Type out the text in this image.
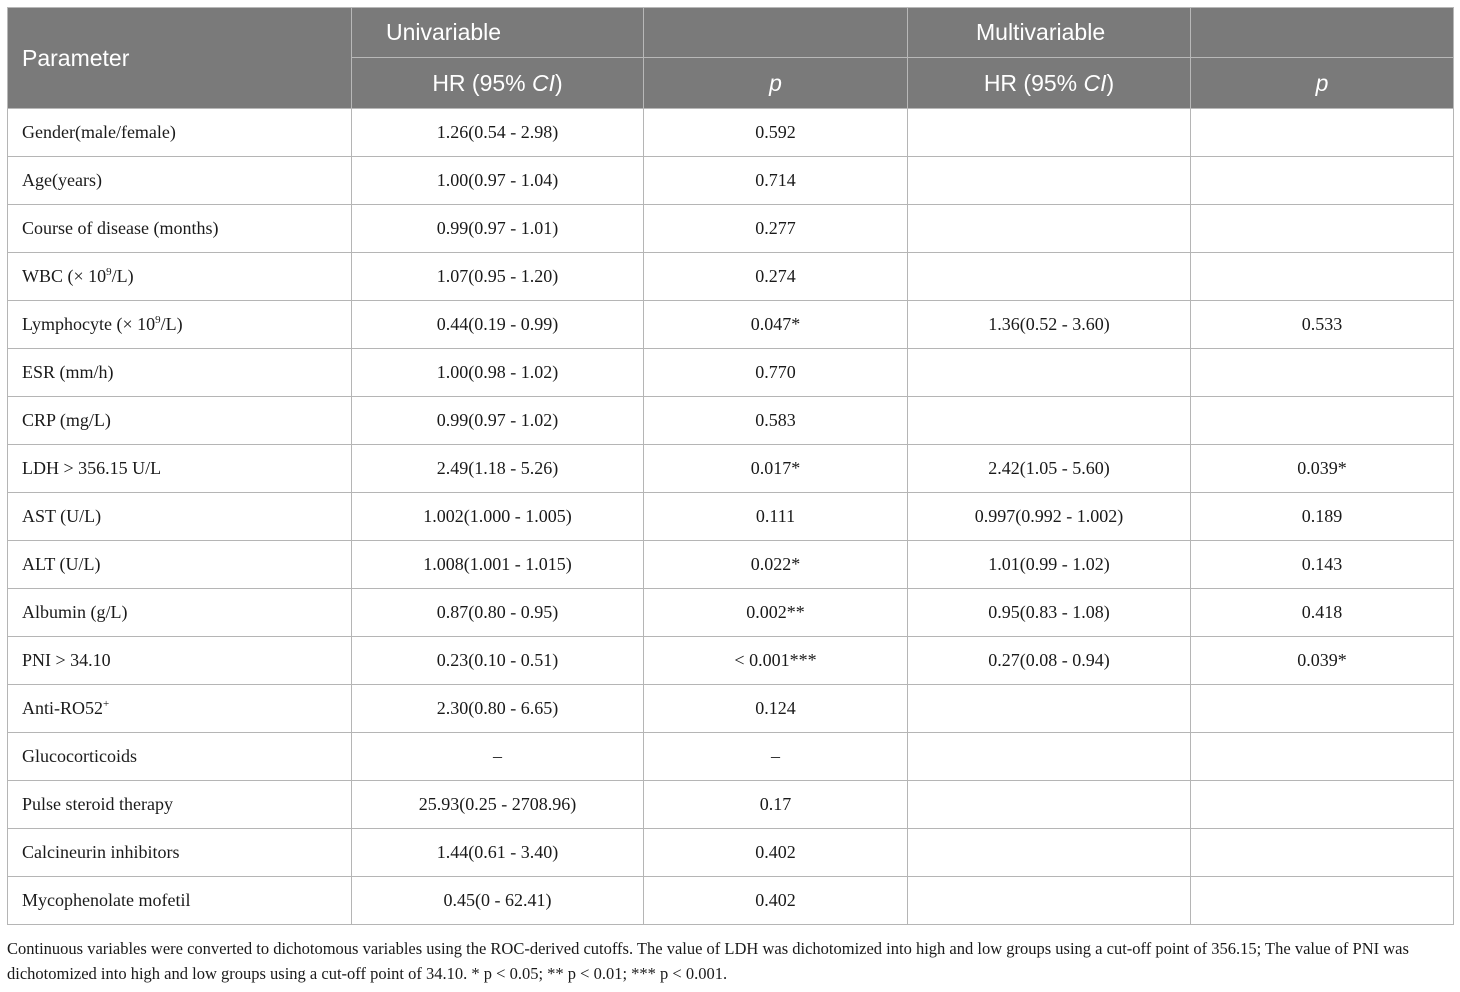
Parameter	Univariable		Multivariable	
	HR (95% CI)	p	HR (95% CI)	p
Gender(male/female)	1.26(0.54 - 2.98)	0.592		
Age(years)	1.00(0.97 - 1.04)	0.714		
Course of disease (months)	0.99(0.97 - 1.01)	0.277		
WBC (× $10^9/L$)	1.07(0.95 - 1.20)	0.274		
Lymphocyte (× $10^9/L$)	0.44(0.19 - 0.99)	0.047*	1.36(0.52 - 3.60)	0.533
ESR (mm/h)	1.00(0.98 - 1.02)	0.770		
CRP (mg/L)	0.99(0.97 - 1.02)	0.583		
LDH > 356.15 U/L	2.49(1.18 - 5.26)	0.017*	2.42(1.05 - 5.60)	0.039*
AST (U/L)	1.002(1.000 - 1.005)	0.111	0.997(0.992 - 1.002)	0.189
ALT (U/L)	1.008(1.001 - 1.015)	0.022*	1.01(0.99 - 1.02)	0.143
Albumin (g/L)	0.87(0.80 - 0.95)	0.002**	0.95(0.83 - 1.08)	0.418
PNI > 34.10	0.23(0.10 - 0.51)	< 0.001***	0.27(0.08 - 0.94)	0.039*
Anti-RO52+	2.30(0.80 - 6.65)	0.124		
Glucocorticoids	–	–		
Pulse steroid therapy	25.93(0.25 - 2708.96)	0.17		
Calcineurin inhibitors	1.44(0.61 - 3.40)	0.402		
Mycophenolate mofetil	0.45(0 - 62.41)	0.402		

Continuous variables were converted to dichotomous variables using the ROC-derived cutoffs. The value of LDH was dichotomized into high and low groups using a cut-off point of 356.15; The value of PNI was dichotomized into high and low groups using a cut-off point of 34.10. * p < 0.05; ** p < 0.01; *** p < 0.001.
